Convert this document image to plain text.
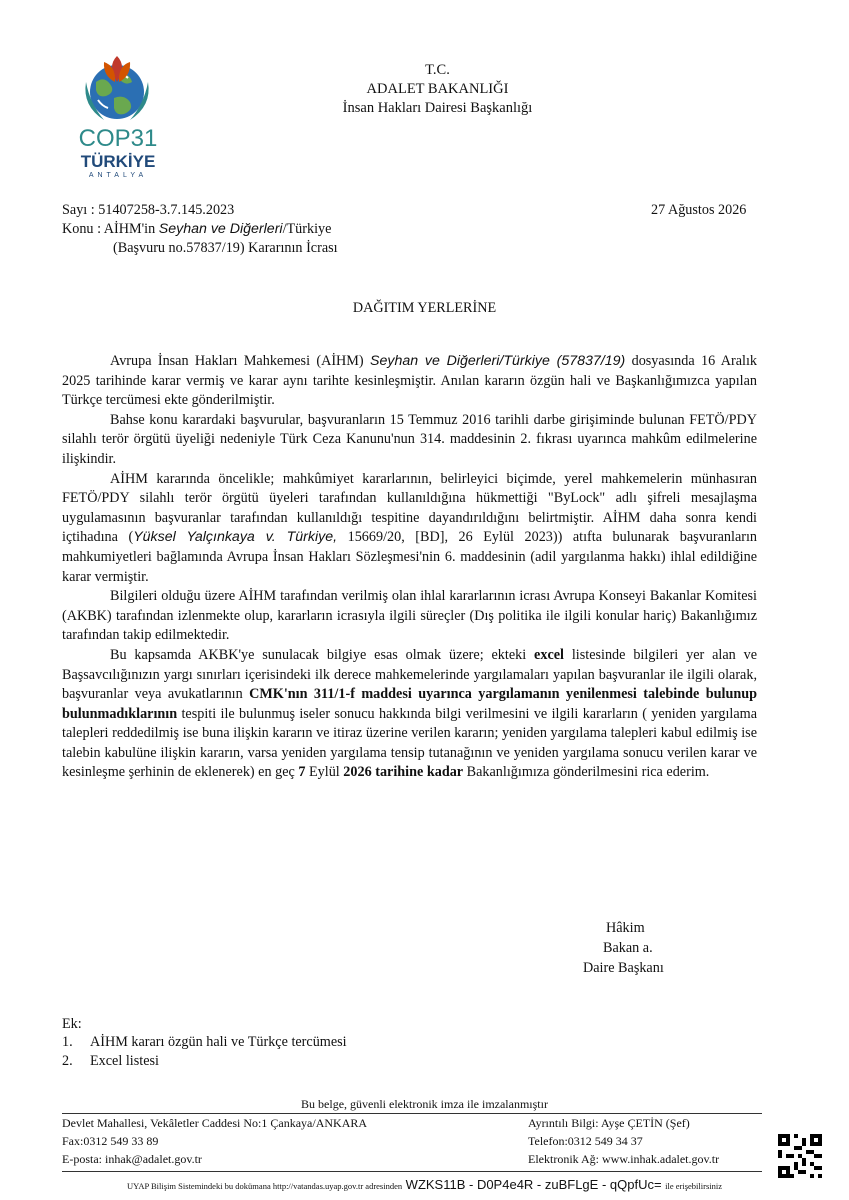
COP31
TÜRKİYE
ANTALYA
T.C.
ADALET BAKANLIĞI
İnsan Hakları Dairesi Başkanlığı
Sayı : 51407258-3.7.145.2023	27 Ağustos 2026
Konu : AİHM'in Seyhan ve Diğerleri/Türkiye
(Başvuru no.57837/19) Kararının İcrası
DAĞITIM YERLERİNE

Avrupa İnsan Hakları Mahkemesi (AİHM) Seyhan ve Diğerleri/Türkiye (57837/19) dosyasında 16 Aralık 2025 tarihinde karar vermiş ve karar aynı tarihte kesinleşmiştir. Anılan kararın özgün hali ve Başkanlığımızca yapılan Türkçe tercümesi ekte gönderilmiştir.

Bahse konu karardaki başvurular, başvuranların 15 Temmuz 2016 tarihli darbe girişiminde bulunan FETÖ/PDY silahlı terör örgütü üyeliği nedeniyle Türk Ceza Kanunu'nun 314. maddesinin 2. fıkrası uyarınca mahkûm edilmelerine ilişkindir.

AİHM kararında öncelikle; mahkûmiyet kararlarının, belirleyici biçimde, yerel mahkemelerin münhasıran FETÖ/PDY silahlı terör örgütü üyeleri tarafından kullanıldığına hükmettiği "ByLock" adlı şifreli mesajlaşma uygulamasının başvuranlar tarafından kullanıldığı tespitine dayandırıldığını belirtmiştir. AİHM daha sonra kendi içtihadına (Yüksel Yalçınkaya v. Türkiye, 15669/20, [BD], 26 Eylül 2023)) atıfta bulunarak başvuranların mahkumiyetleri bağlamında Avrupa İnsan Hakları Sözleşmesi'nin 6. maddesinin (adil yargılanma hakkı) ihlal edildiğine karar vermiştir.

Bilgileri olduğu üzere AİHM tarafından verilmiş olan ihlal kararlarının icrası Avrupa Konseyi Bakanlar Komitesi (AKBK) tarafından izlenmekte olup, kararların icrasıyla ilgili süreçler (Dış politika ile ilgili konular hariç) Bakanlığımız tarafından takip edilmektedir.

Bu kapsamda AKBK'ye sunulacak bilgiye esas olmak üzere; ekteki excel listesinde bilgileri yer alan ve Başsavcılığınızın yargı sınırları içerisindeki ilk derece mahkemelerinde yargılamaları yapılan başvuranlar ile ilgili olarak, başvuranlar veya avukatlarının CMK'nın 311/1-f maddesi uyarınca yargılamanın yenilenmesi talebinde bulunup bulunmadıklarının tespiti ile bulunmuş iseler sonucu hakkında bilgi verilmesini ve ilgili kararların ( yeniden yargılama talepleri reddedilmiş ise buna ilişkin kararın ve itiraz üzerine verilen kararın; yeniden yargılama talepleri kabul edilmiş ise talebin kabulüne ilişkin kararın, varsa yeniden yargılama tensip tutanağının ve yeniden yargılama sonucu verilen karar ve kesinleşme şerhinin de eklenerek) en geç 7 Eylül 2026 tarihine kadar Bakanlığımıza gönderilmesini rica ederim.

Hâkim
Bakan a.
Daire Başkanı
Ek:
1. AİHM kararı özgün hali ve Türkçe tercümesi
2. Excel listesi
Bu belge, güvenli elektronik imza ile imzalanmıştır
Devlet Mahallesi, Vekâletler Caddesi No:1 Çankaya/ANKARA
Fax:0312 549 33 89
E-posta: inhak@adalet.gov.tr
Ayrıntılı Bilgi: Ayşe ÇETİN (Şef)
Telefon:0312 549 34 37
Elektronik Ağ: www.inhak.adalet.gov.tr
UYAP Bilişim Sistemindeki bu dokümana http://vatandas.uyap.gov.tr adresinden WZKS11B - D0P4e4R - zuBFLgE - qQpfUc= ile erişebilirsiniz
